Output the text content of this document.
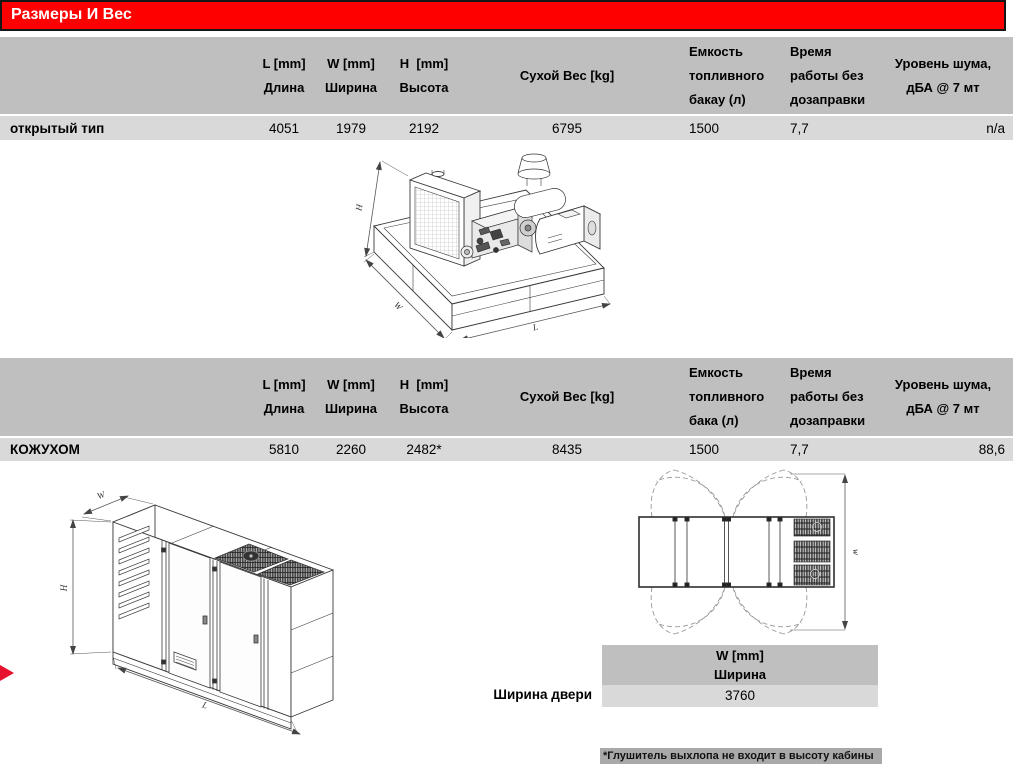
Размеры И Вес
L [mm]
Длина
W [mm]
Ширина
H  [mm]
Высота
Сухой Вес [kg]
Емкость топливного бакау (л)
Время работы без дозаправки
Уровень шума,
дБА @ 7 мт
открытый тип	4051	1979	2192	6795	1500	7,7	n/a
H
W
L
L [mm]
Длина
W [mm]
Ширина
H  [mm]
Высота
Сухой Вес [kg]
Емкость топливного бака (л)
Время работы без дозаправки
Уровень шума,
дБА @ 7 мт
КОЖУХОМ	5810	2260	2482*	8435	1500	7,7	88,6
W
H
L
w
Ширина двери
W [mm]
Ширина
3760
*Глушитель выхлопа не входит в высоту кабины
